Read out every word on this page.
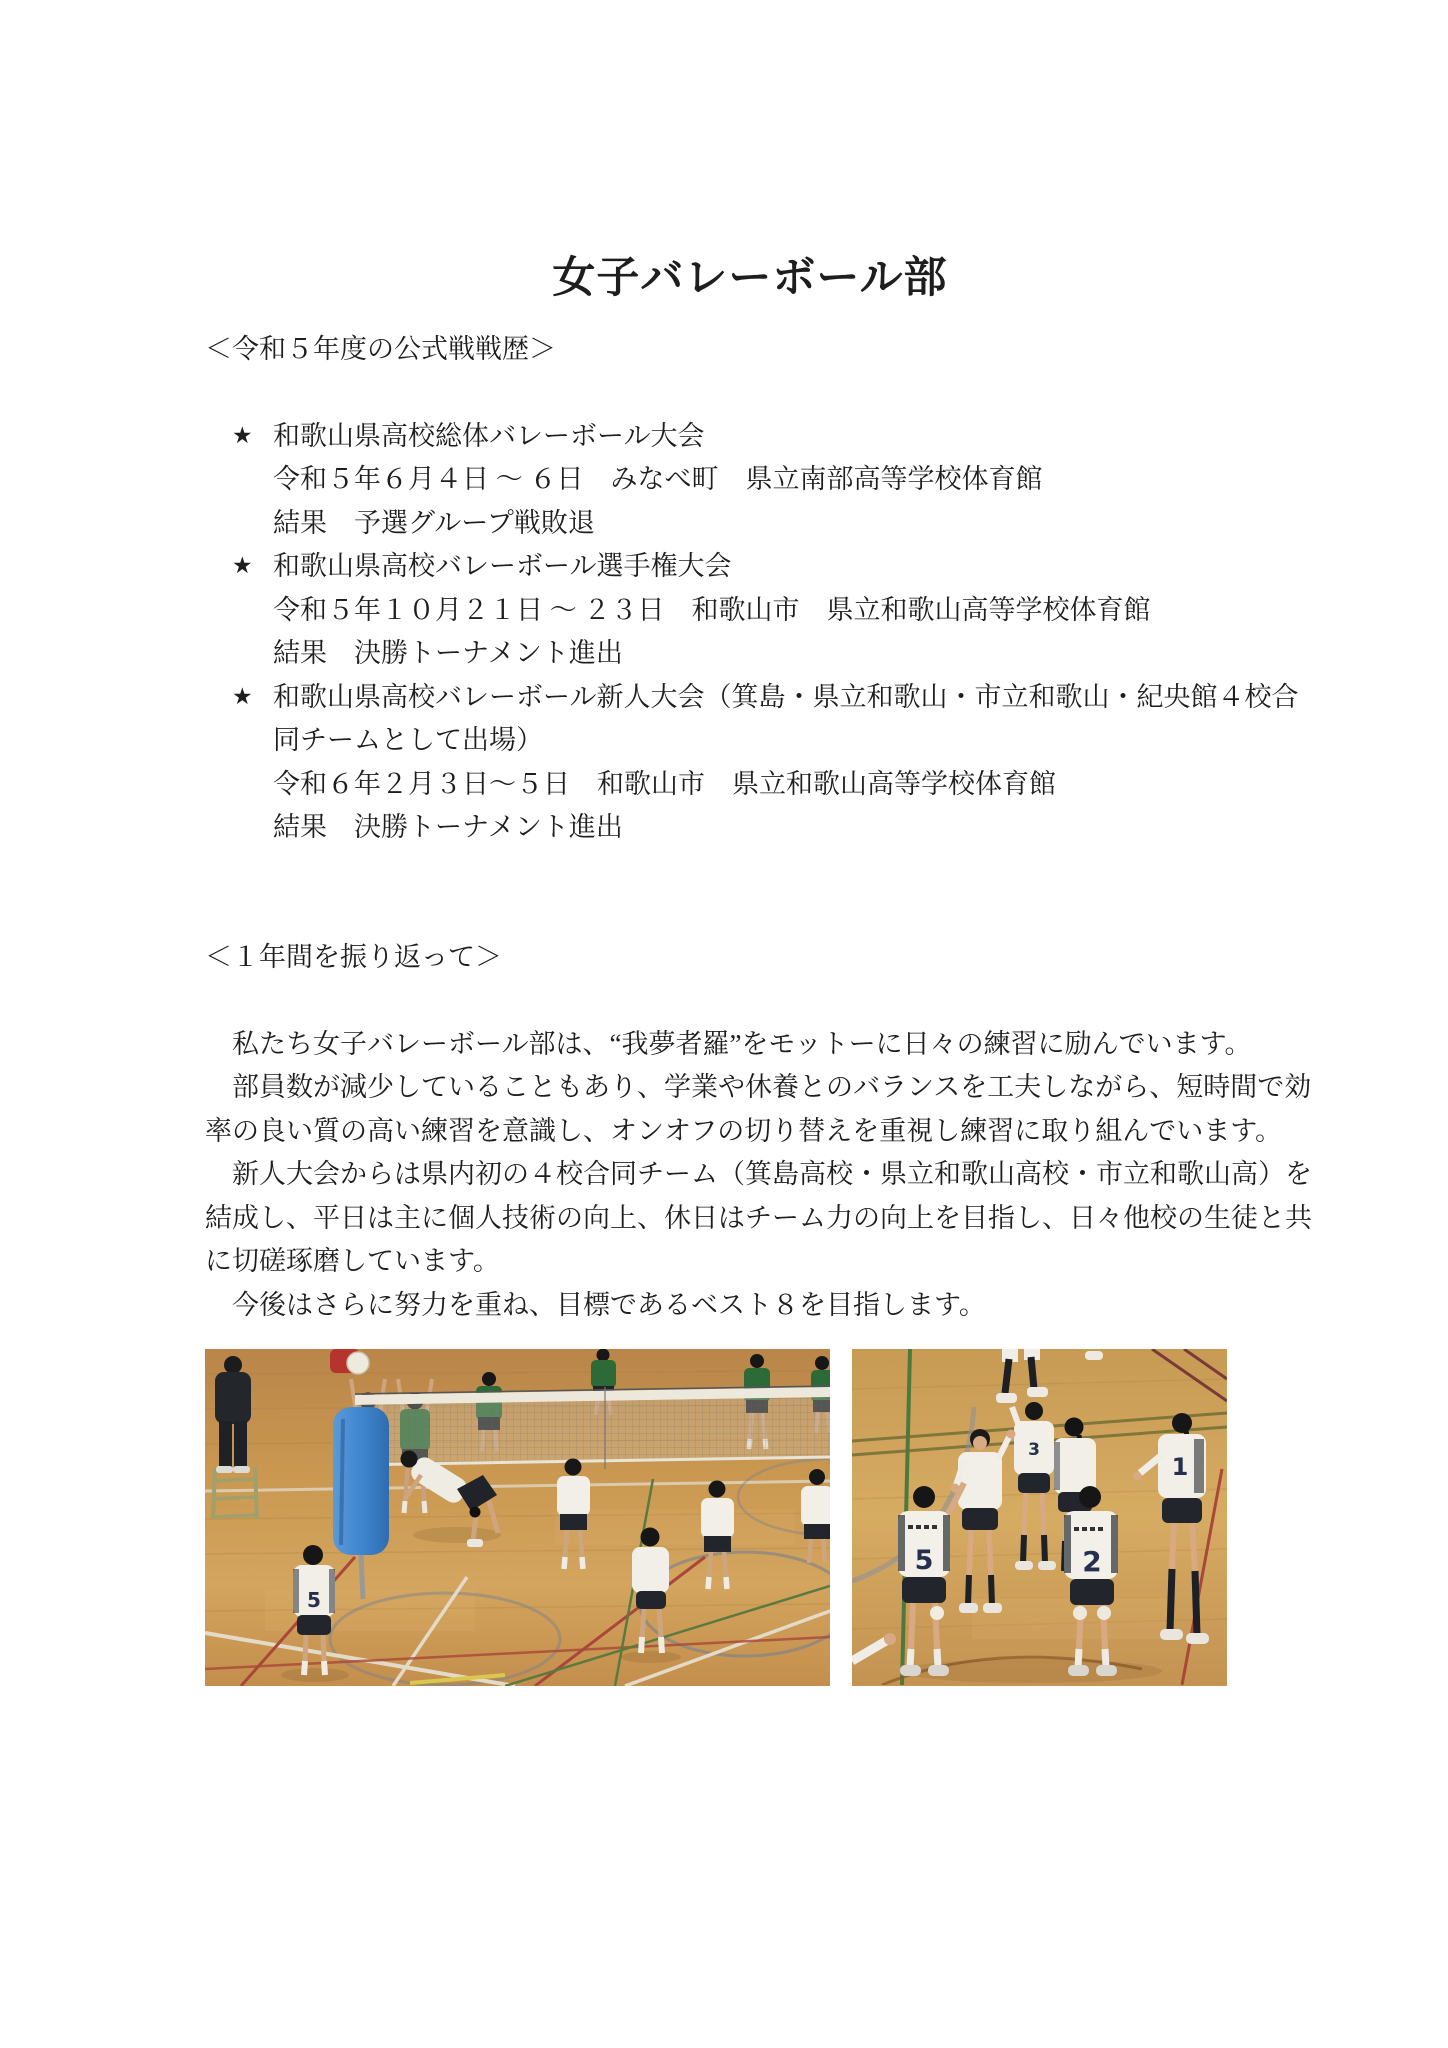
女子バレーボール部
＜令和５年度の公式戦戦歴＞
★ 和歌山県高校総体バレーボール大会
令和５年６月４日 ～ ６日　みなべ町　県立南部高等学校体育館
結果　予選グループ戦敗退
★ 和歌山県高校バレーボール選手権大会
令和５年１０月２１日 ～ ２３日　和歌山市　県立和歌山高等学校体育館
結果　決勝トーナメント進出
★ 和歌山県高校バレーボール新人大会（箕島・県立和歌山・市立和歌山・紀央館４校合
同チームとして出場）
令和６年２月３日～５日　和歌山市　県立和歌山高等学校体育館
結果　決勝トーナメント進出
＜１年間を振り返って＞
　私たち女子バレーボール部は、“我夢者羅”をモットーに日々の練習に励んでいます。
　部員数が減少していることもあり、学業や休養とのバランスを工夫しながら、短時間で効
率の良い質の高い練習を意識し、オンオフの切り替えを重視し練習に取り組んでいます。
　新人大会からは県内初の４校合同チーム（箕島高校・県立和歌山高校・市立和歌山高）を
結成し、平日は主に個人技術の向上、休日はチーム力の向上を目指し、日々他校の生徒と共
に切磋琢磨しています。
　今後はさらに努力を重ね、目標であるベスト８を目指します。
5
3
1
5	2
